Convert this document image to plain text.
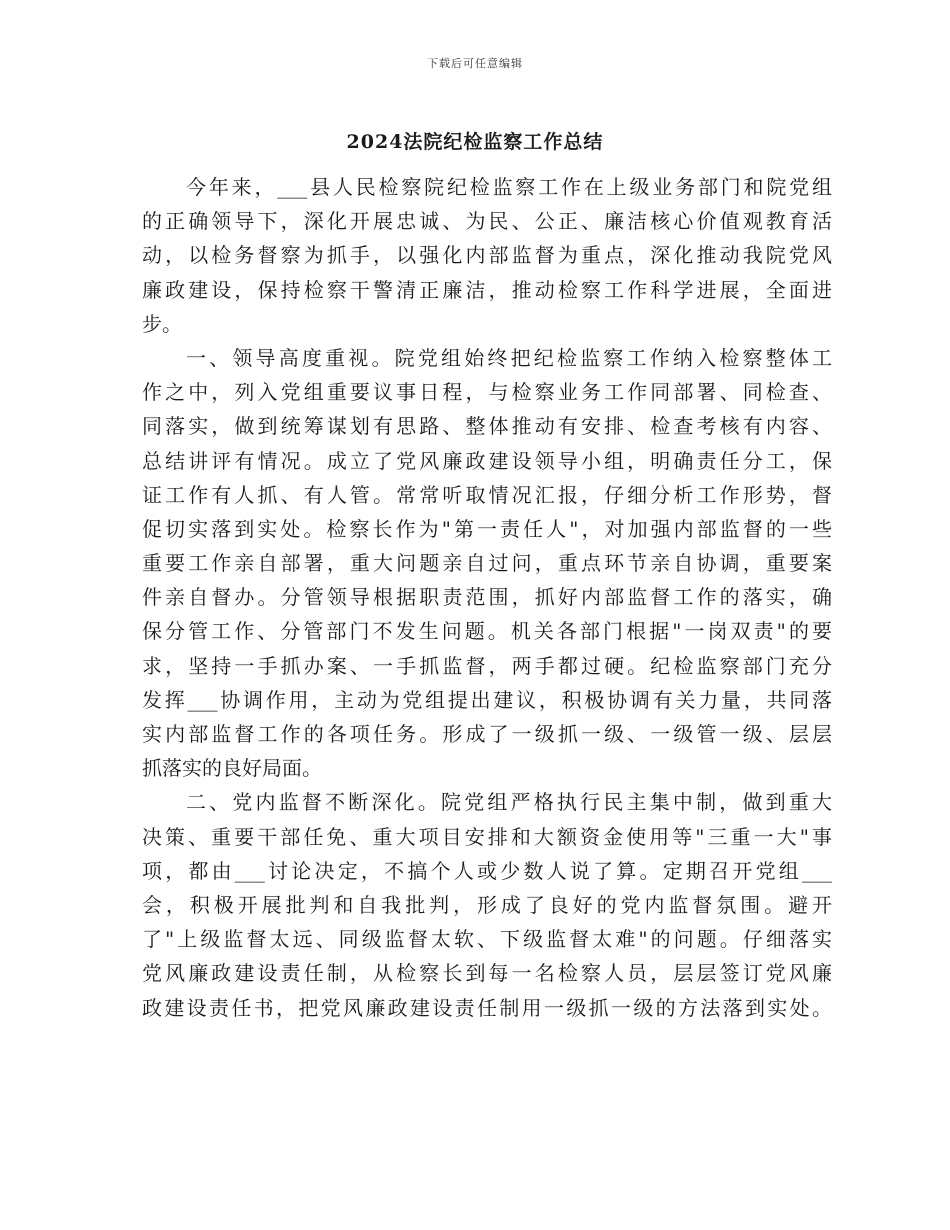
下载后可任意编辑
2024法院纪检监察工作总结
今年来，___县人民检察院纪检监察工作在上级业务部门和院党组
的正确领导下，深化开展忠诚、为民、公正、廉洁核心价值观教育活
动，以检务督察为抓手，以强化内部监督为重点，深化推动我院党风
廉政建设，保持检察干警清正廉洁，推动检察工作科学进展，全面进
步。
一、领导高度重视。院党组始终把纪检监察工作纳入检察整体工
作之中，列入党组重要议事日程，与检察业务工作同部署、同检查、
同落实，做到统筹谋划有思路、整体推动有安排、检查考核有内容、
总结讲评有情况。成立了党风廉政建设领导小组，明确责任分工，保
证工作有人抓、有人管。常常听取情况汇报，仔细分析工作形势，督
促切实落到实处。检察长作为"第一责任人"，对加强内部监督的一些
重要工作亲自部署，重大问题亲自过问，重点环节亲自协调，重要案
件亲自督办。分管领导根据职责范围，抓好内部监督工作的落实，确
保分管工作、分管部门不发生问题。机关各部门根据"一岗双责"的要
求，坚持一手抓办案、一手抓监督，两手都过硬。纪检监察部门充分
发挥___协调作用，主动为党组提出建议，积极协调有关力量，共同落
实内部监督工作的各项任务。形成了一级抓一级、一级管一级、层层
抓落实的良好局面。
二、党内监督不断深化。院党组严格执行民主集中制，做到重大
决策、重要干部任免、重大项目安排和大额资金使用等"三重一大"事
项，都由___讨论决定，不搞个人或少数人说了算。定期召开党组___
会，积极开展批判和自我批判，形成了良好的党内监督氛围。避开
了"上级监督太远、同级监督太软、下级监督太难"的问题。仔细落实
党风廉政建设责任制，从检察长到每一名检察人员，层层签订党风廉
政建设责任书，把党风廉政建设责任制用一级抓一级的方法落到实处。
